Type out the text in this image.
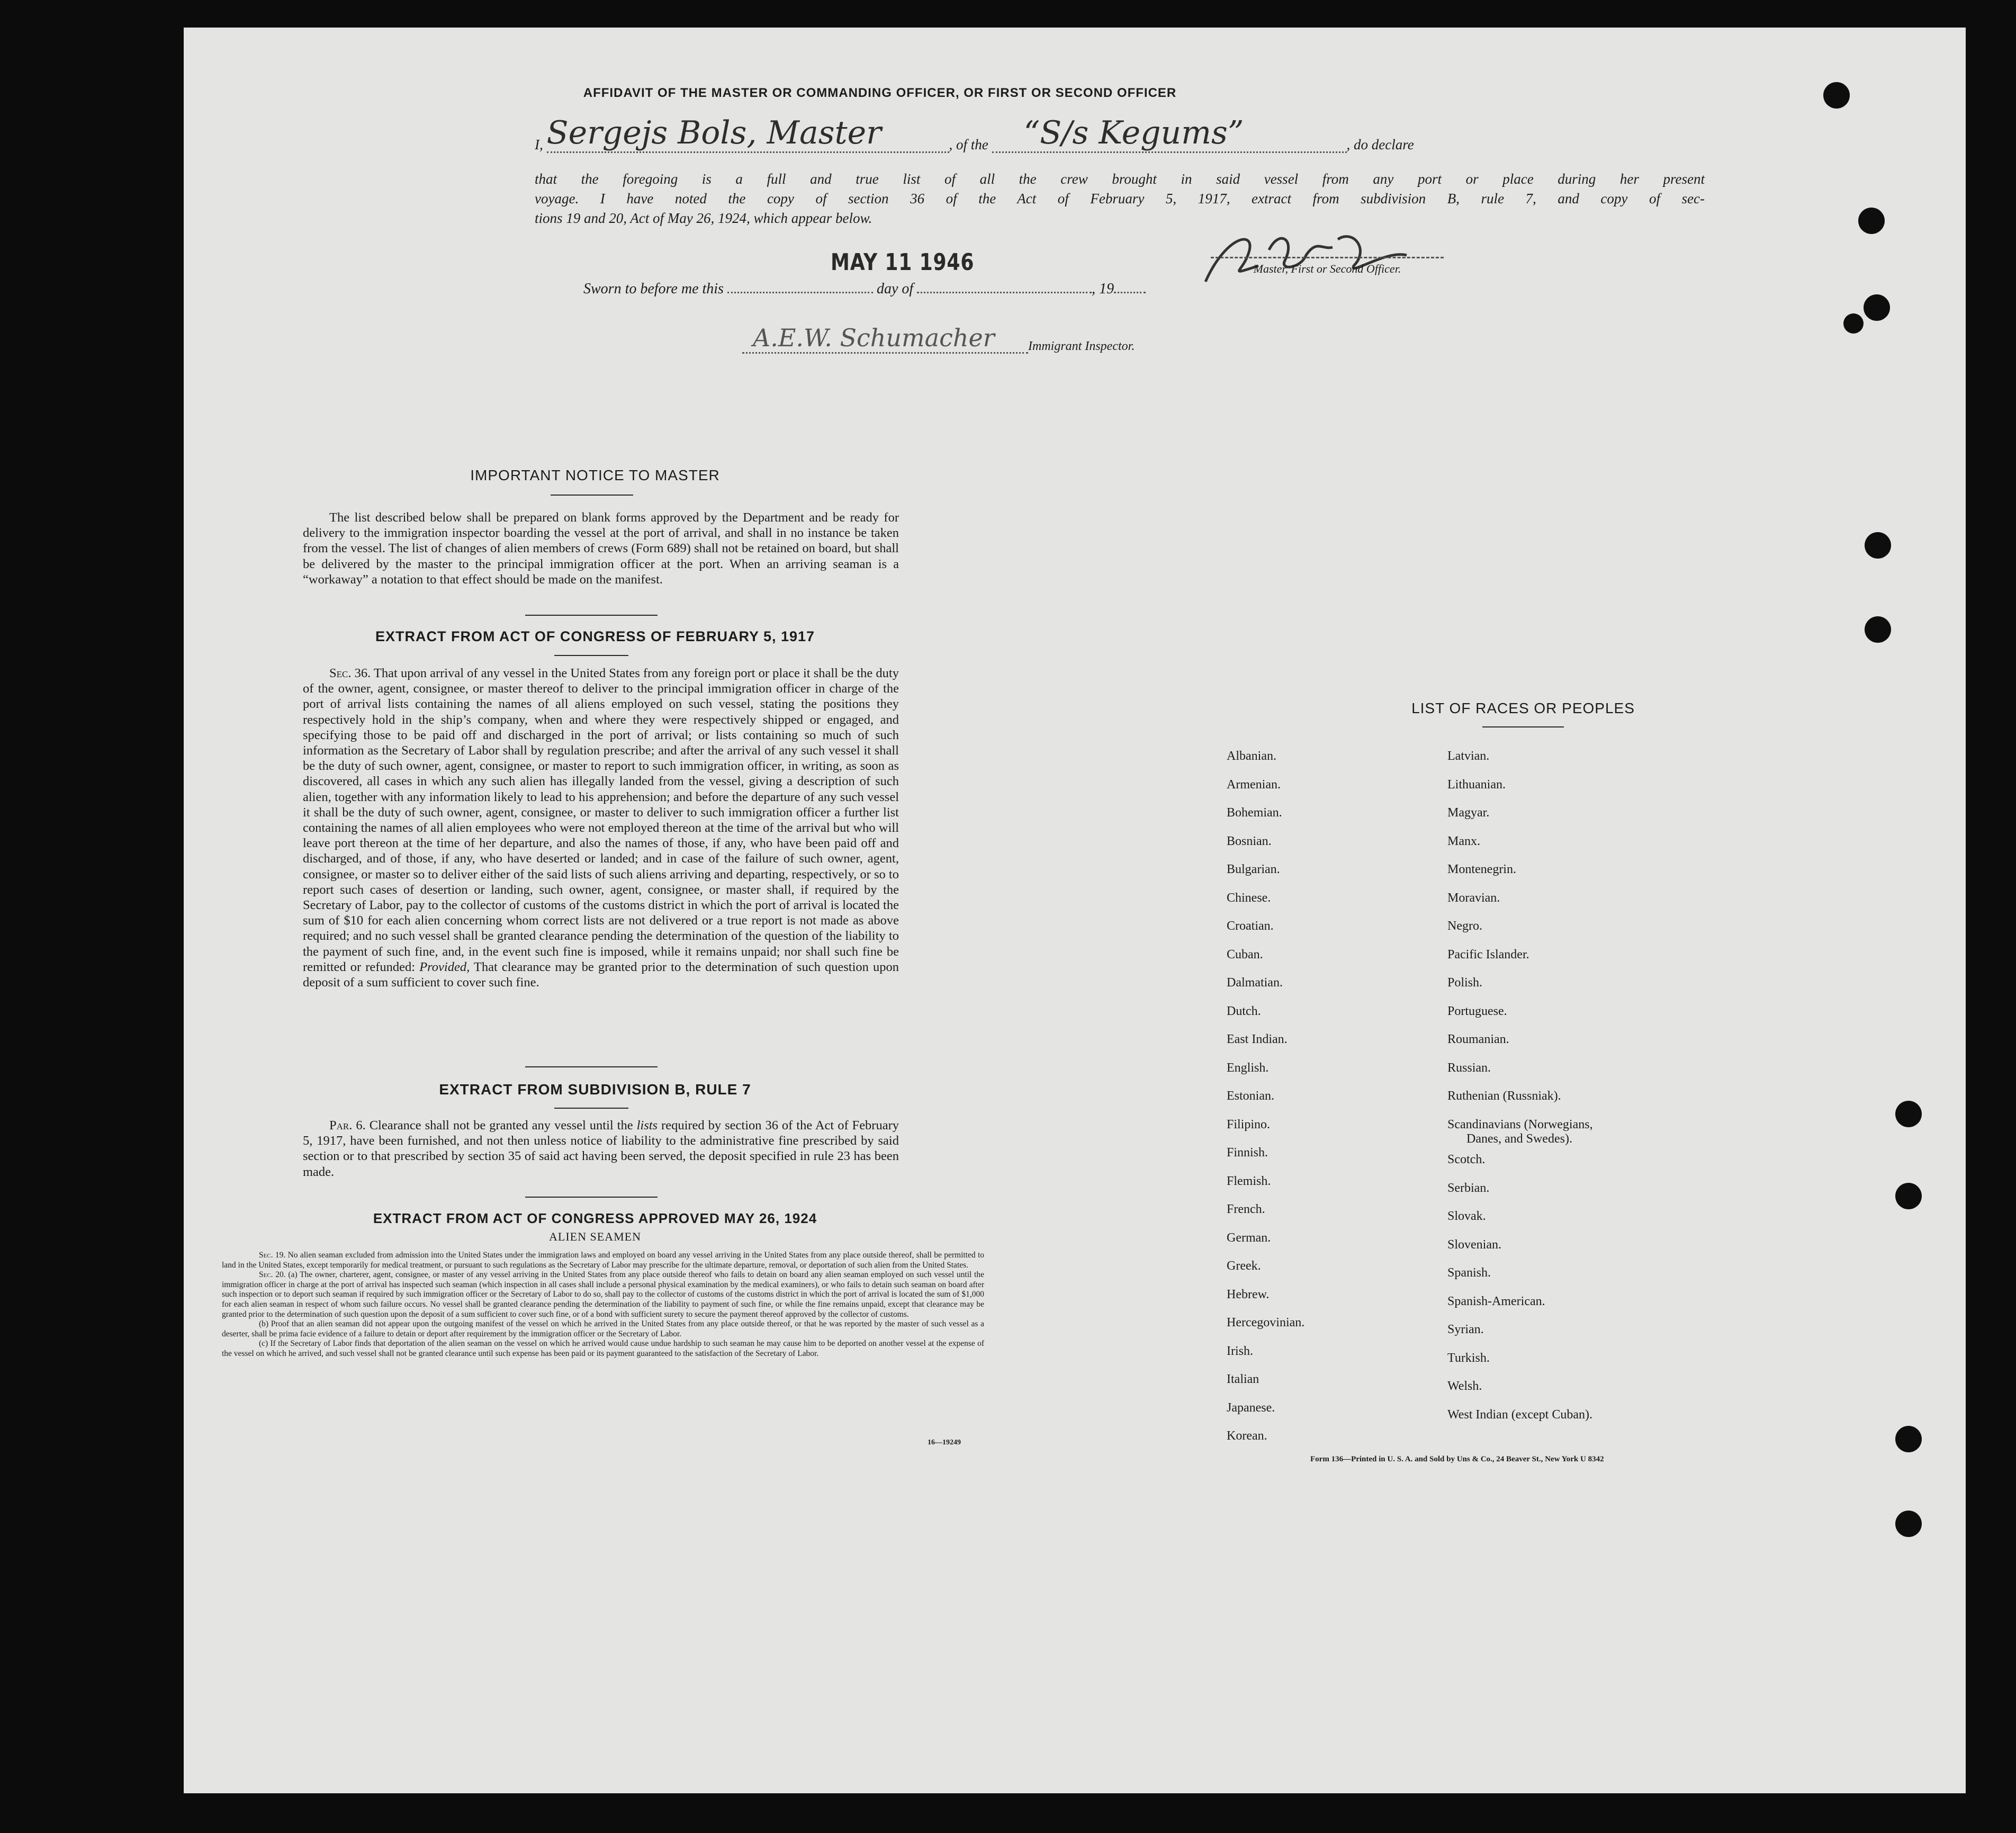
AFFIDAVIT OF THE MASTER OR COMMANDING OFFICER, OR FIRST OR SECOND OFFICER
I, Sergejs Bols, Master	, of the “S/s Kegums”	, do declare
that the foregoing is a full and true list of all the crew brought in said vessel from any port or place during her present
voyage. I have noted the copy of section 36 of the Act of February 5, 1917, extract from subdivision B, rule 7, and copy of sec-
tions 19 and 20, Act of May 26, 1924, which appear below.
Master, First or Second Officer.
MAY 11 1946
Sworn to before me this	day of	, 19
A.E.W. Schumacher	Immigrant Inspector.
IMPORTANT NOTICE TO MASTER
The list described below shall be prepared on blank forms approved by the Department and be ready for delivery to the immigration inspector boarding the vessel at the port of arrival, and shall in no instance be taken from the vessel. The list of changes of alien members of crews (Form 689) shall not be retained on board, but shall be delivered by the master to the principal immigration officer at the port. When an arriving seaman is a “workaway” a notation to that effect should be made on the manifest.
EXTRACT FROM ACT OF CONGRESS OF FEBRUARY 5, 1917
Sec. 36. That upon arrival of any vessel in the United States from any foreign port or place it shall be the duty of the owner, agent, consignee, or master thereof to deliver to the principal immigration officer in charge of the port of arrival lists containing the names of all aliens employed on such vessel, stating the positions they respectively hold in the ship’s company, when and where they were respectively shipped or engaged, and specifying those to be paid off and discharged in the port of arrival; or lists containing so much of such information as the Secretary of Labor shall by regulation prescribe; and after the arrival of any such vessel it shall be the duty of such owner, agent, consignee, or master to report to such immigration officer, in writing, as soon as discovered, all cases in which any such alien has illegally landed from the vessel, giving a description of such alien, together with any information likely to lead to his apprehension; and before the departure of any such vessel it shall be the duty of such owner, agent, consignee, or master to deliver to such immigration officer a further list containing the names of all alien employees who were not employed thereon at the time of the arrival but who will leave port thereon at the time of her departure, and also the names of those, if any, who have been paid off and discharged, and of those, if any, who have deserted or landed; and in case of the failure of such owner, agent, consignee, or master so to deliver either of the said lists of such aliens arriving and departing, respectively, or so to report such cases of desertion or landing, such owner, agent, consignee, or master shall, if required by the Secretary of Labor, pay to the collector of customs of the customs district in which the port of arrival is located the sum of $10 for each alien concerning whom correct lists are not delivered or a true report is not made as above required; and no such vessel shall be granted clearance pending the determination of the question of the liability to the payment of such fine, and, in the event such fine is imposed, while it remains unpaid; nor shall such fine be remitted or refunded: Provided, That clearance may be granted prior to the determination of such question upon deposit of a sum sufficient to cover such fine.
EXTRACT FROM SUBDIVISION B, RULE 7
Par. 6. Clearance shall not be granted any vessel until the lists required by section 36 of the Act of February 5, 1917, have been furnished, and not then unless notice of liability to the administrative fine prescribed by said section or to that prescribed by section 35 of said act having been served, the deposit specified in rule 23 has been made.
EXTRACT FROM ACT OF CONGRESS APPROVED MAY 26, 1924
ALIEN SEAMEN
Sec. 19. No alien seaman excluded from admission into the United States under the immigration laws and employed on board any vessel arriving in the United States from any place outside thereof, shall be permitted to land in the United States, except temporarily for medical treatment, or pursuant to such regulations as the Secretary of Labor may prescribe for the ultimate departure, removal, or deportation of such alien from the United States.
Sec. 20. (a) The owner, charterer, agent, consignee, or master of any vessel arriving in the United States from any place outside thereof who fails to detain on board any alien seaman employed on such vessel until the immigration officer in charge at the port of arrival has inspected such seaman (which inspection in all cases shall include a personal physical examination by the medical examiners), or who fails to detain such seaman on board after such inspection or to deport such seaman if required by such immigration officer or the Secretary of Labor to do so, shall pay to the collector of customs of the customs district in which the port of arrival is located the sum of $1,000 for each alien seaman in respect of whom such failure occurs. No vessel shall be granted clearance pending the determination of the liability to payment of such fine, or while the fine remains unpaid, except that clearance may be granted prior to the determination of such question upon the deposit of a sum sufficient to cover such fine, or of a bond with sufficient surety to secure the payment thereof approved by the collector of customs.
(b) Proof that an alien seaman did not appear upon the outgoing manifest of the vessel on which he arrived in the United States from any place outside thereof, or that he was reported by the master of such vessel as a deserter, shall be prima facie evidence of a failure to detain or deport after requirement by the immigration officer or the Secretary of Labor.
(c) If the Secretary of Labor finds that deportation of the alien seaman on the vessel on which he arrived would cause undue hardship to such seaman he may cause him to be deported on another vessel at the expense of the vessel on which he arrived, and such vessel shall not be granted clearance until such expense has been paid or its payment guaranteed to the satisfaction of the Secretary of Labor.
16—19249
LIST OF RACES OR PEOPLES
Albanian.
Armenian.
Bohemian.
Bosnian.
Bulgarian.
Chinese.
Croatian.
Cuban.
Dalmatian.
Dutch.
East Indian.
English.
Estonian.
Filipino.
Finnish.
Flemish.
French.
German.
Greek.
Hebrew.
Hercegovinian.
Irish.
Italian
Japanese.
Korean.
Latvian.
Lithuanian.
Magyar.
Manx.
Montenegrin.
Moravian.
Negro.
Pacific Islander.
Polish.
Portuguese.
Roumanian.
Russian.
Ruthenian (Russniak).
Scandinavians (Norwegians,
Danes, and Swedes).
Scotch.
Serbian.
Slovak.
Slovenian.
Spanish.
Spanish-American.
Syrian.
Turkish.
Welsh.
West Indian (except Cuban).
Form 136—Printed in U. S. A. and Sold by Uns & Co., 24 Beaver St., New York U 8342
